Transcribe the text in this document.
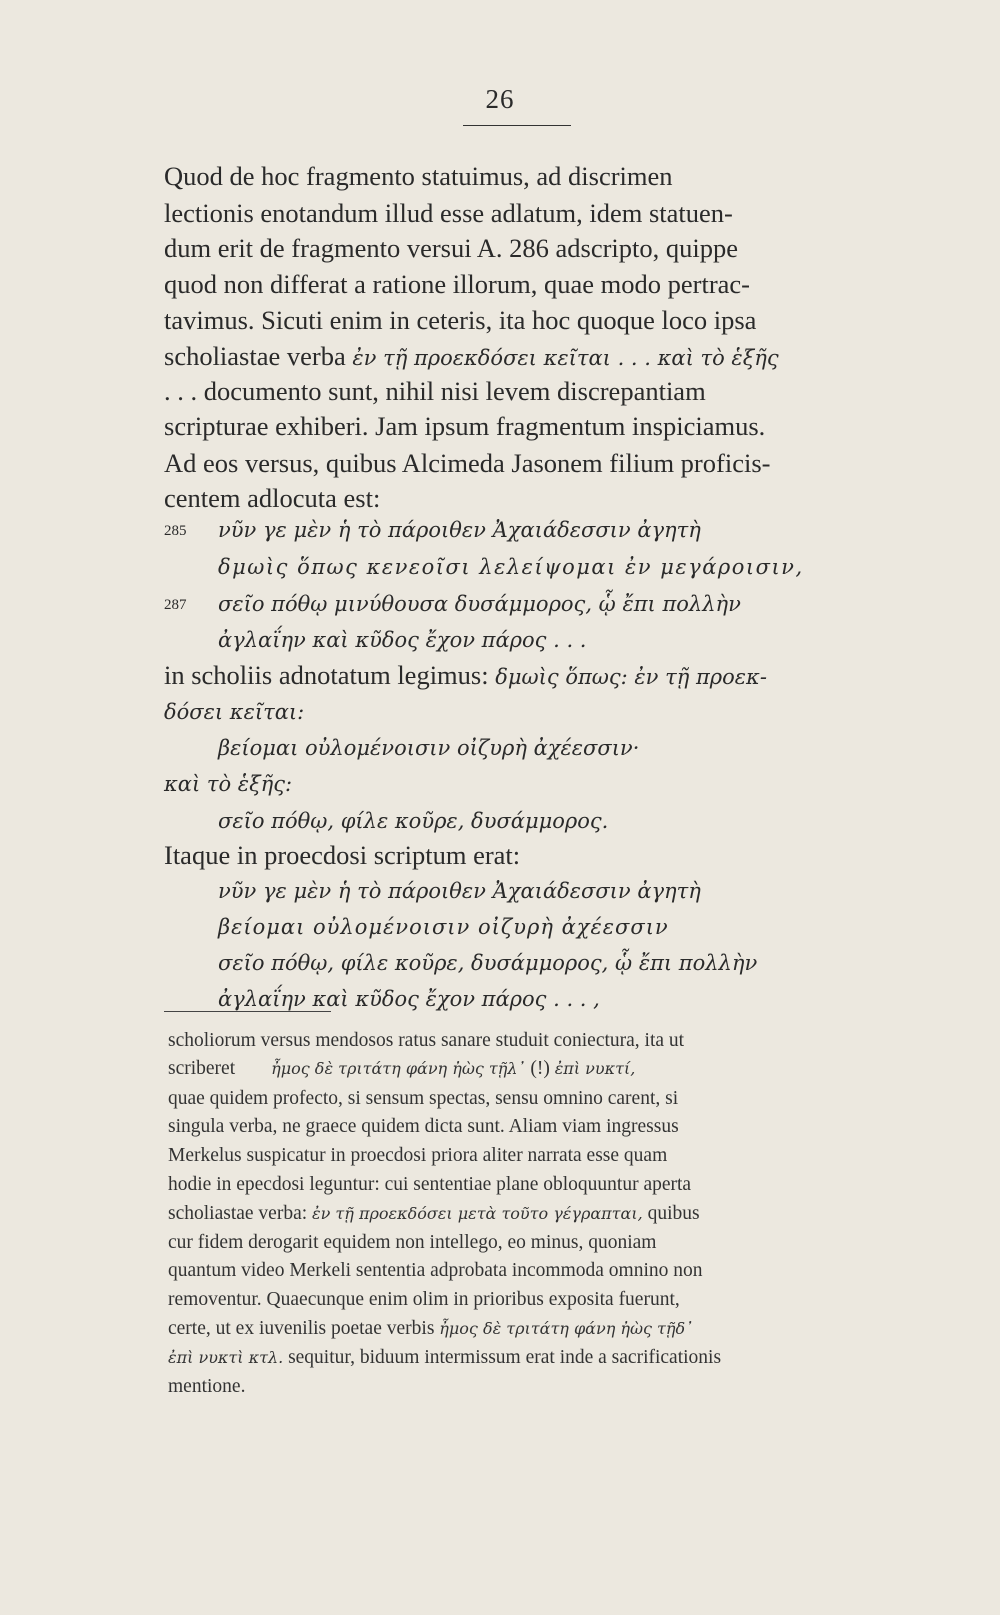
26
Quod de hoc fragmento statuimus, ad discrimen
lectionis enotandum illud esse adlatum, idem statuen-
dum erit de fragmento versui A. 286 adscripto, quippe
quod non differat a ratione illorum, quae modo pertrac-
tavimus. Sicuti enim in ceteris, ita hoc quoque loco ipsa
scholiastae verba ἐν τῇ προεκδόσει κεῖται . . . καὶ τὸ ἑξῆς
. . . documento sunt, nihil nisi levem discrepantiam
scripturae exhiberi. Jam ipsum fragmentum inspiciamus.
Ad eos versus, quibus Alcimeda Jasonem filium proficis-
centem adlocuta est:
285 νῦν γε μὲν ἡ τὸ πάροιθεν Ἀχαιάδεσσιν ἀγητὴ
δμωὶς ὅπως κενεοῖσι λελείψομαι ἐν μεγάροισιν,
287 σεῖο πόθῳ μινύθουσα δυσάμμορος, ᾧ ἔπι πολλὴν
ἀγλαΐην καὶ κῦδος ἔχον πάρος . . .
in scholiis adnotatum legimus: δμωὶς ὅπως: ἐν τῇ προεκ-
δόσει κεῖται:
βείομαι οὐλομένοισιν οἰζυρὴ ἀχέεσσιν·
καὶ τὸ ἑξῆς:
σεῖο πόθῳ, φίλε κοῦρε, δυσάμμορος.
Itaque in proecdosi scriptum erat:
νῦν γε μὲν ἡ τὸ πάροιθεν Ἀχαιάδεσσιν ἀγητὴ
βείομαι οὐλομένοισιν οἰζυρὴ ἀχέεσσιν
σεῖο πόθῳ, φίλε κοῦρε, δυσάμμορος, ᾧ ἔπι πολλὴν
ἀγλαΐην καὶ κῦδος ἔχον πάρος . . . ,
scholiorum versus mendosos ratus sanare studuit coniectura, ita ut
scriberet ἦμος δὲ τριτάτη φάνη ἠὼς τῇλ᾽ (!) ἐπὶ νυκτί,
quae quidem profecto, si sensum spectas, sensu omnino carent, si
singula verba, ne graece quidem dicta sunt. Aliam viam ingressus
Merkelus suspicatur in proecdosi priora aliter narrata esse quam
hodie in epecdosi leguntur: cui sententiae plane obloquuntur aperta
scholiastae verba: ἐν τῇ προεκδόσει μετὰ τοῦτο γέγραπται, quibus
cur fidem derogarit equidem non intellego, eo minus, quoniam
quantum video Merkeli sententia adprobata incommoda omnino non
removentur. Quaecunque enim olim in prioribus exposita fuerunt,
certe, ut ex iuvenilis poetae verbis ἦμος δὲ τριτάτη φάνη ἠὼς τῇδ᾽
ἐπὶ νυκτὶ κτλ. sequitur, biduum intermissum erat inde a sacrificationis
mentione.
